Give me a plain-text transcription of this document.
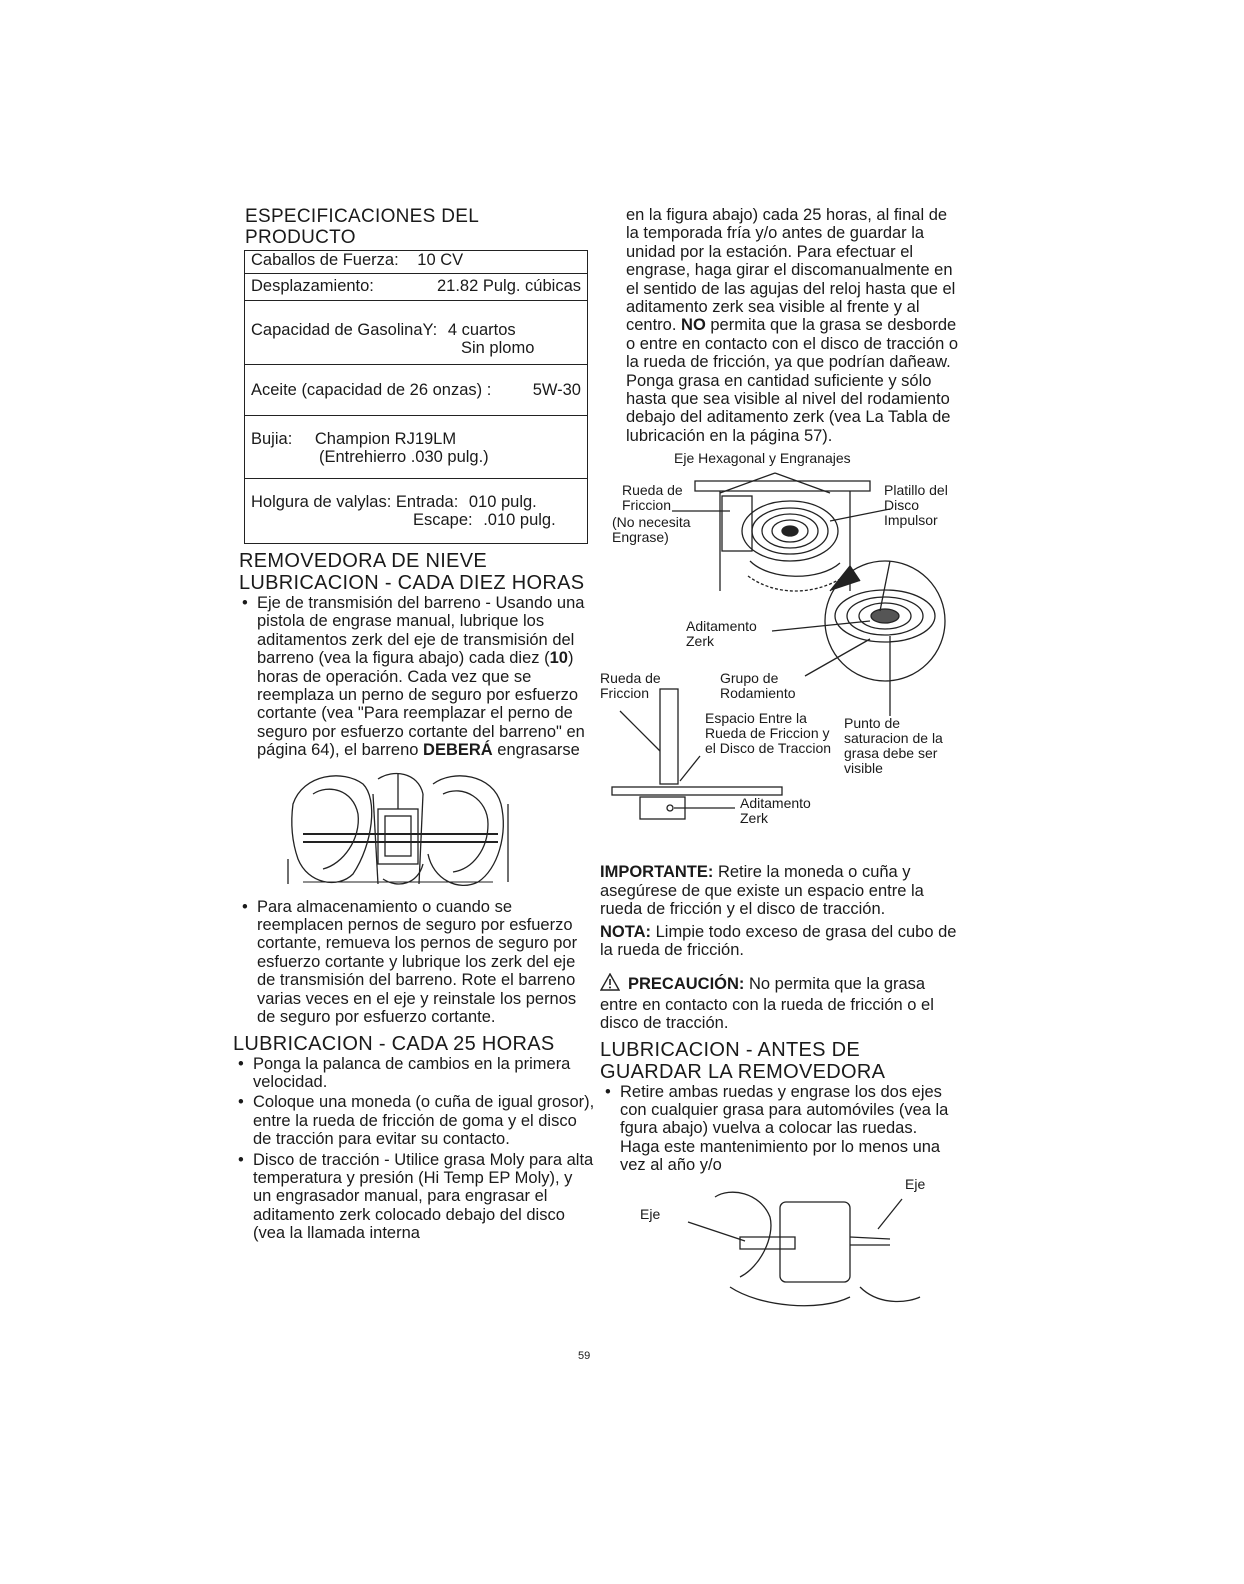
ESPECIFICACIONES DEL PRODUCTO
Caballos de Fuerza: 10 CV
Desplazamiento:	21.82 Pulg. cúbicas
Capacidad de GasolinaY: 4 cuartos
Sin plomo
Aceite (capacidad de 26 onzas) :	5W-30
Bujia: Champion RJ19LM
(Entrehierro .030 pulg.)
Holgura de valylas: Entrada: 010 pulg.
Escape: .010 pulg.
REMOVEDORA DE NIEVE
LUBRICACION - CADA DIEZ HORAS
• Eje de transmisión del barreno - Usando una pistola de engrase manual, lubrique los aditamentos zerk del eje de transmisión del barreno (vea la figura abajo) cada diez (10) horas de operación. Cada vez que se reemplaza un perno de seguro por esfuerzo cortante (vea "Para reemplazar el perno de seguro por esfuerzo cortante del barreno" en página 64), el barreno DEBERÁ engrasarse
• Para almacenamiento o cuando se reemplacen pernos de seguro por esfuerzo cortante, remueva los pernos de seguro por esfuerzo cortante y lubrique los zerk del eje de transmisión del barreno. Rote el barreno varias veces en el eje y reinstale los pernos de seguro por esfuerzo cortante.
LUBRICACION - CADA 25 HORAS
• Ponga la palanca de cambios en la primera velocidad.
• Coloque una moneda (o cuña de igual grosor), entre la rueda de fricción de goma y el disco de tracción para evitar su contacto.
• Disco de tracción - Utilice grasa Moly para alta temperatura y presión (Hi Temp EP Moly), y un engrasador manual, para engrasar el aditamento zerk colocado debajo del disco (vea la llamada interna

en la figura abajo) cada 25 horas, al final de la temporada fría y/o antes de guardar la unidad por la estación. Para efectuar el engrase, haga girar el discomanualmente en el sentido de las agujas del reloj hasta que el aditamento zerk sea visible al frente y al centro. NO permita que la grasa se desborde o entre en contacto con el disco de tracción o la rueda de fricción, ya que podrían dañeaw. Ponga grasa en cantidad suficiente y sólo hasta que sea visible al nivel del rodamiento debajo del aditamento zerk (vea La Tabla de lubricación en la página 57).

Eje Hexagonal y Engranajes
Rueda de Friccion
(No necesita Engrase)
Platillo del Disco Impulsor
Aditamento Zerk
Rueda de Friccion
Grupo de Rodamiento
Espacio Entre la Rueda de Friccion y el Disco de Traccion
Punto de saturacion de la grasa debe ser visible
Aditamento Zerk

IMPORTANTE: Retire la moneda o cuña y asegúrese de que existe un espacio entre la rueda de fricción y el disco de tracción.

NOTA: Limpie todo exceso de grasa del cubo de la rueda de fricción.

PRECAUCIÓN: No permita que la grasa entre en contacto con la rueda de fricción o el disco de tracción.

LUBRICACION - ANTES DE GUARDAR LA REMOVEDORA
• Retire ambas ruedas y engrase los dos ejes con cualquier grasa para automóviles (vea la fgura abajo) vuelva a colocar las ruedas. Haga este mantenimiento por lo menos una vez al año y/o
Eje
Eje
59
